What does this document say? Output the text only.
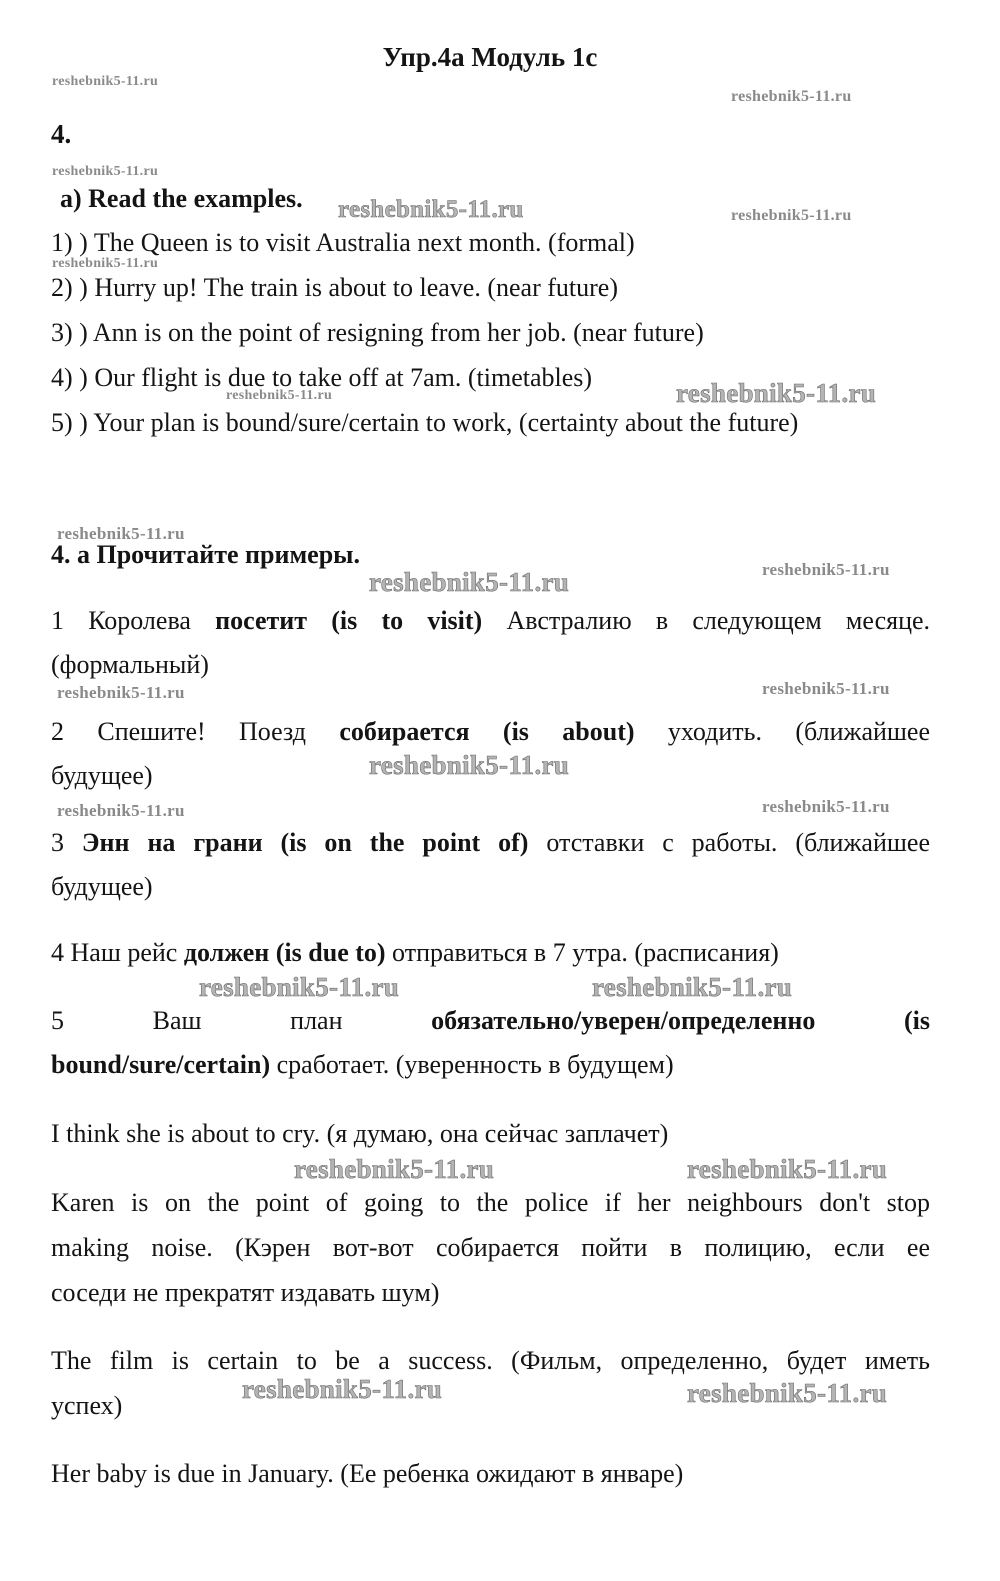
Упр.4а Модуль 1с
reshebnik5-11.ru
reshebnik5-11.ru
reshebnik5-11.ru
reshebnik5-11.ru	reshebnik5-11.ru
reshebnik5-11.ru
reshebnik5-11.ru	reshebnik5-11.ru
reshebnik5-11.ru
reshebnik5-11.ru	reshebnik5-11.ru
reshebnik5-11.ru	reshebnik5-11.ru
reshebnik5-11.ru
reshebnik5-11.ru	reshebnik5-11.ru
reshebnik5-11.ru	reshebnik5-11.ru
reshebnik5-11.ru	reshebnik5-11.ru
reshebnik5-11.ru	reshebnik5-11.ru
4.
a) Read the examples.
1) ) The Queen is to visit Australia next month. (formal)
2) ) Hurry up! The train is about to leave. (near future)
3) ) Ann is on the point of resigning from her job. (near future)
4) ) Our flight is due to take off at 7am. (timetables)
5) ) Your plan is bound/sure/certain to work, (certainty about the future)
4. а Прочитайте примеры.
1 Королева посетит (is to visit) Австралию в следующем месяце.
(формальный)
2 Спешите! Поезд собирается (is about) уходить. (ближайшее
будущее)
3 Энн на грани (is on the point of) отставки с работы. (ближайшее
будущее)
4 Наш рейс должен (is due to) отправиться в 7 утра. (расписания)
5	Ваш	план	обязательно/уверен/определенно	(is
bound/sure/certain) сработает. (уверенность в будущем)
I think she is about to cry. (я думаю, она сейчас заплачет)
Karen is on the point of going to the police if her neighbours don't stop
making noise. (Кэрен вот-вот собирается пойти в полицию, если ее
соседи не прекратят издавать шум)
The film is certain to be a success. (Фильм, определенно, будет иметь
успех)
Her baby is due in January. (Ее ребенка ожидают в январе)
